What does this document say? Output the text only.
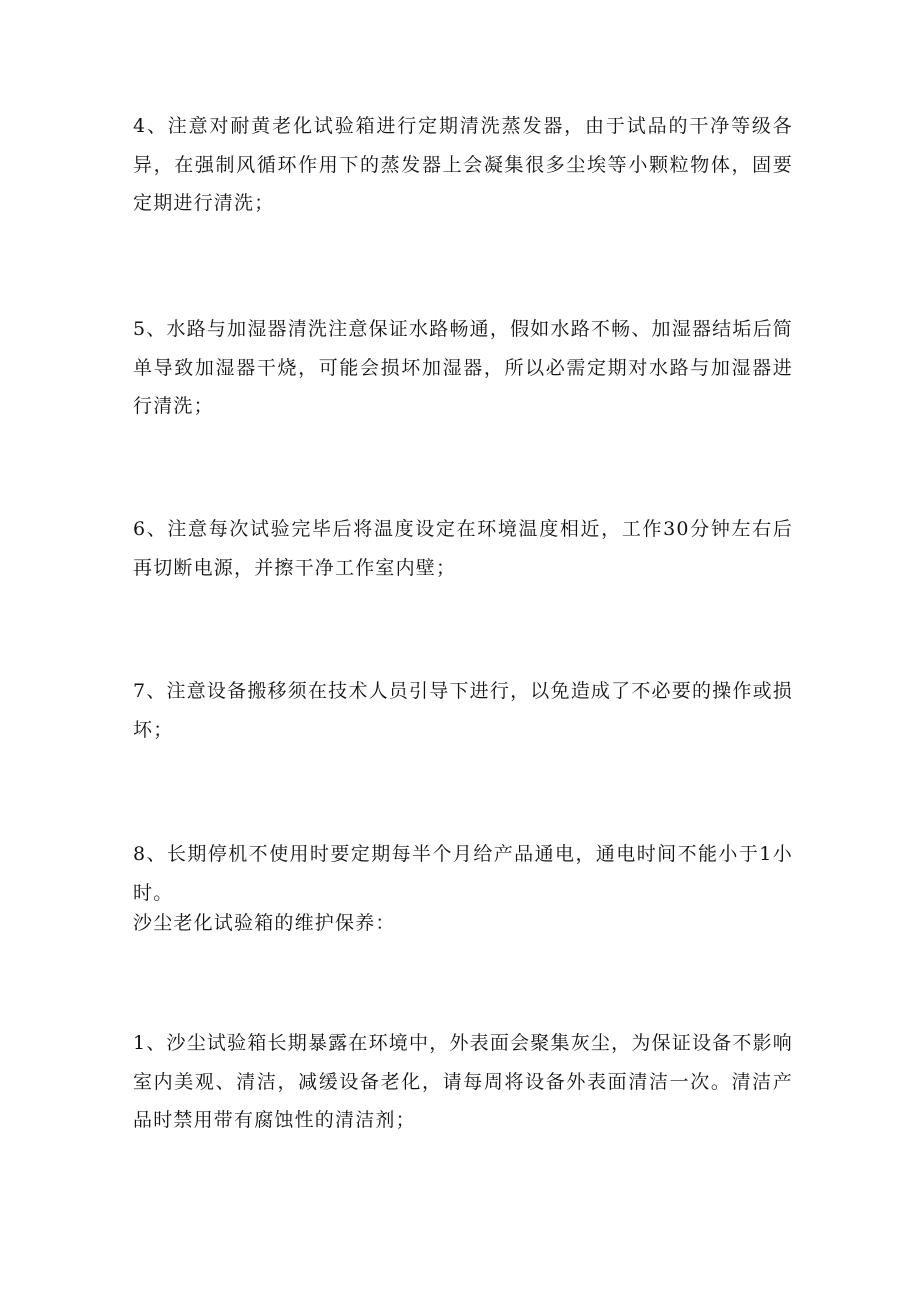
4、注意对耐黄老化试验箱进行定期清洗蒸发器，由于试品的干净等级各异，在强制风循环作用下的蒸发器上会凝集很多尘埃等小颗粒物体，固要定期进行清洗；

5、水路与加湿器清洗注意保证水路畅通，假如水路不畅、加湿器结垢后简单导致加湿器干烧，可能会损坏加湿器，所以必需定期对水路与加湿器进行清洗；

6、注意每次试验完毕后将温度设定在环境温度相近，工作30分钟左右后再切断电源，并擦干净工作室内壁；

7、注意设备搬移须在技术人员引导下进行，以免造成了不必要的操作或损坏；

8、长期停机不使用时要定期每半个月给产品通电，通电时间不能小于1小时。

沙尘老化试验箱的维护保养：

1、沙尘试验箱长期暴露在环境中，外表面会聚集灰尘，为保证设备不影响室内美观、清洁，减缓设备老化，请每周将设备外表面清洁一次。清洁产品时禁用带有腐蚀性的清洁剂；
